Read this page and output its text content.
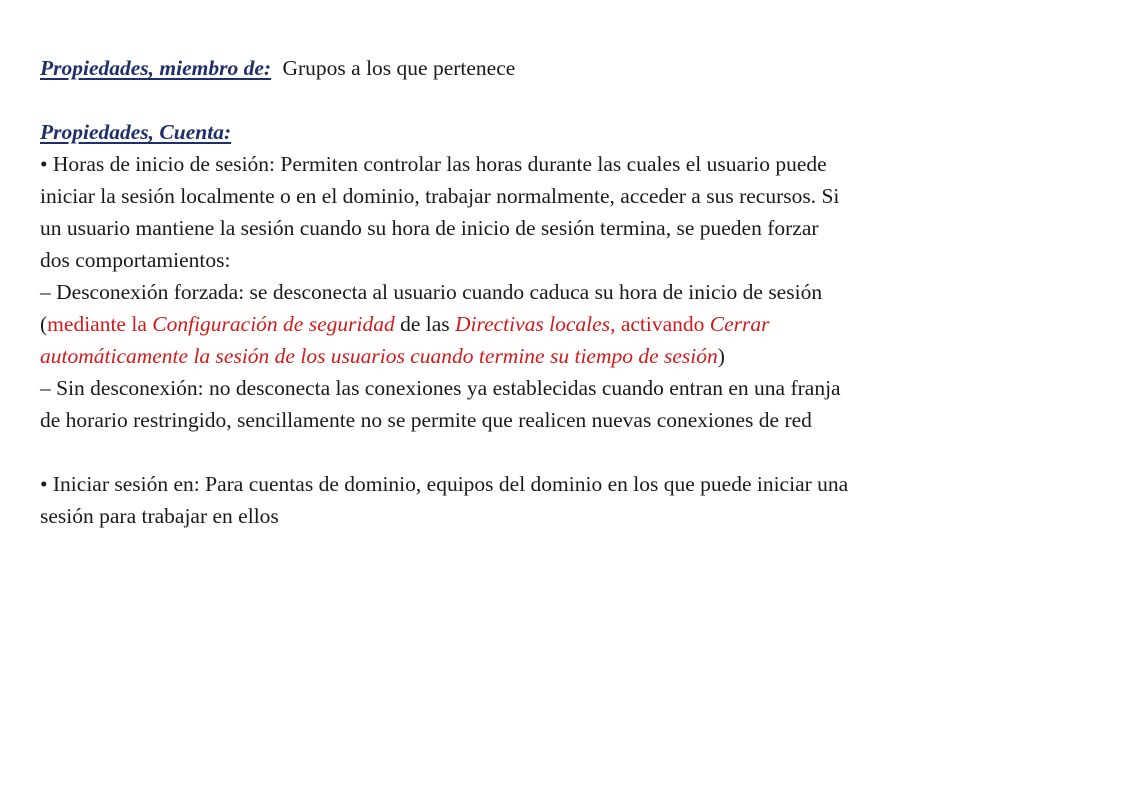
Propiedades, miembro de: Grupos a los que pertenece
Propiedades, Cuenta:
• Horas de inicio de sesión: Permiten controlar las horas durante las cuales el usuario puede
iniciar la sesión localmente o en el dominio, trabajar normalmente, acceder a sus recursos. Si
un usuario mantiene la sesión cuando su hora de inicio de sesión termina, se pueden forzar
dos comportamientos:
– Desconexión forzada: se desconecta al usuario cuando caduca su hora de inicio de sesión
(mediante la Configuración de seguridad de las Directivas locales, activando Cerrar
automáticamente la sesión de los usuarios cuando termine su tiempo de sesión)
– Sin desconexión: no desconecta las conexiones ya establecidas cuando entran en una franja
de horario restringido, sencillamente no se permite que realicen nuevas conexiones de red
• Iniciar sesión en: Para cuentas de dominio, equipos del dominio en los que puede iniciar una
sesión para trabajar en ellos
